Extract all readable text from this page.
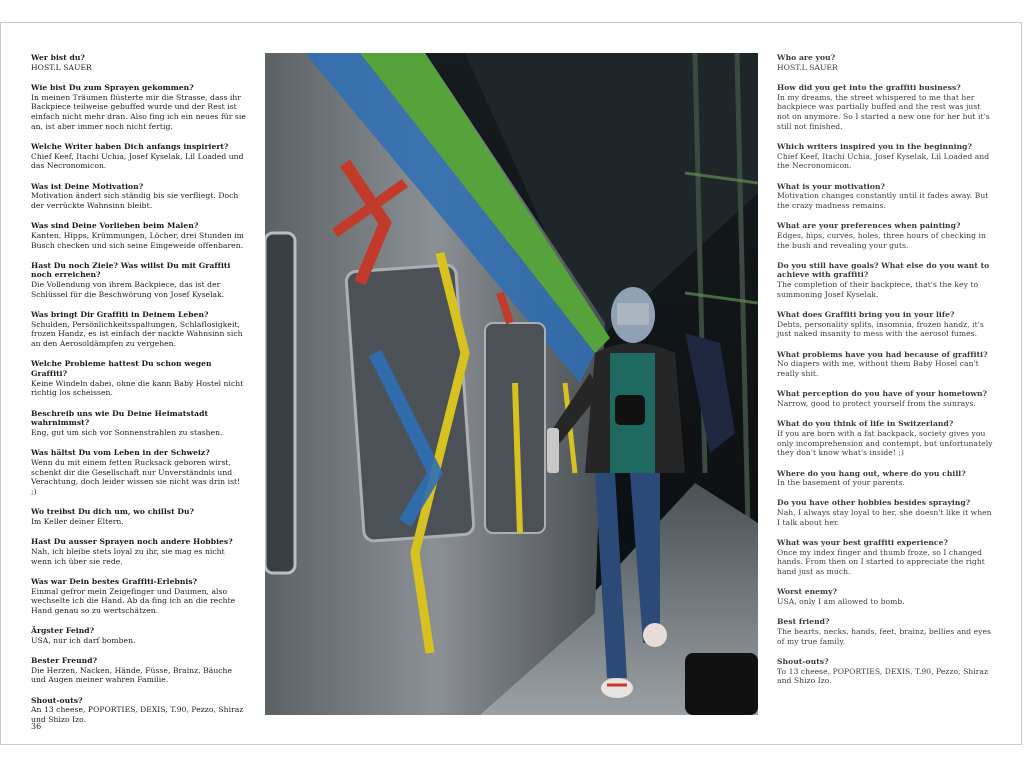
Wer bist du?
HOST.L SAUER
Wie bist Du zum Sprayen gekommen?
In meinen Träumen flüsterte mir die Strasse, dass ihr Backpiece teilweise gebuffed wurde und der Rest ist einfach nicht mehr dran. Also fing ich ein neues für sie an, ist aber immer noch nicht fertig.
Welche Writer haben Dich anfangs inspiriert?
Chief Keef, Itachi Uchia, Josef Kyselak, Lil Loaded und das Necronomicon.
Was ist Deine Motivation?
Motivation ändert sich ständig bis sie verfliegt. Doch der verrückte Wahnsinn bleibt.
Was sind Deine Vorlieben beim Malen?
Kanten, Hipps, Krümmungen, Löcher, drei Stunden im Busch checken und sich seine Eingeweide offenbaren.
Hast Du noch Ziele? Was willst Du mit Graffiti noch erreichen?
Die Vollendung von ihrem Backpiece, das ist der Schlüssel für die Beschwörung von Josef Kyselak.
Was bringt Dir Graffiti in Deinem Leben?
Schulden, Persönlichkeitsspaltungen, Schlaflosigkeit, frozen Handz, es ist einfach der nackte Wahnsinn sich an den Aerosoldämpfen zu vergehen.
Welche Probleme hattest Du schon wegen Graffiti?
Keine Windeln dabei, ohne die kann Baby Hostel nicht richtig los scheissen.
Beschreib uns wie Du Deine Heimatstadt wahrnimmst?
Eng, gut um sich vor Sonnenstrahlen zu stashen.
Was hältst Du vom Leben in der Schweiz?
Wenn du mit einem fetten Rucksack geboren wirst, schenkt dir die Gesellschaft nur Unverständnis und Verachtung, doch leider wissen sie nicht was drin ist! ;)
Wo treibst Du dich um, wo chillst Du?
Im Keller deiner Eltern.
Hast Du ausser Sprayen noch andere Hobbies?
Nah, ich bleibe stets loyal zu ihr, sie mag es nicht wenn ich über sie rede.
Was war Dein bestes Graffiti-Erlebnis?
Einmal gefror mein Zeigefinger und Daumen, also wechselte ich die Hand. Ab da fing ich an die rechte Hand genau so zu wertschätzen.
Ärgster Feind?
USA, nur ich darf bomben.
Bester Freund?
Die Herzen, Nacken, Hände, Füsse, Brainz, Bäuche und Augen meiner wahren Familie.
Shout-outs?
An 13 cheese, POPORTIES, DEXIS, T.90, Pezzo, Shiraz und Shizo Izo.
Who are you?
HOST.L SAUER
How did you get into the graffiti business?
In my dreams, the street whispered to me that her backpiece was partially buffed and the rest was just not on anymore. So I started a new one for her but it's still not finished.
Which writers inspired you in the beginning?
Chief Keef, Itachi Uchia, Josef Kyselak, Lil Loaded and the Necronomicon.
What is your motivation?
Motivation changes constantly until it fades away. But the crazy madness remains.
What are your preferences when painting?
Edges, hips, curves, holes, three hours of checking in the bush and revealing your guts.
Do you still have goals? What else do you want to achieve with graffiti?
The completion of their backpiece, that's the key to summoning Josef Kyselak.
What does Graffiti bring you in your life?
Debts, personality splits, insomnia, frozen handz, it's just naked insanity to mess with the aerosol fumes.
What problems have you had because of graffiti?
No diapers with me, without them Baby Hosel can't really shit.
What perception do you have of your hometown?
Narrow, good to protect yourself from the sunrays.
What do you think of life in Switzerland?
If you are born with a fat backpack, society gives you only incomprehension and contempt, but unfortunately they don't know what's inside! ;)
Where do you hang out, where do you chill?
In the basement of your parents.
Do you have other hobbies besides spraying?
Nah, I always stay loyal to her, she doesn't like it when I talk about her.
What was your best graffiti experience?
Once my index finger and thumb froze, so I changed hands. From then on I started to appreciate the right hand just as much.
Worst enemy?
USA, only I am allowed to bomb.
Best friend?
The hearts, necks, hands, feet, brainz, bellies and eyes of my true family.
Shout-outs?
To 13 cheese, POPORTIES, DEXIS, T.90, Pezzo, Shiraz and Shizo Izo.
36
